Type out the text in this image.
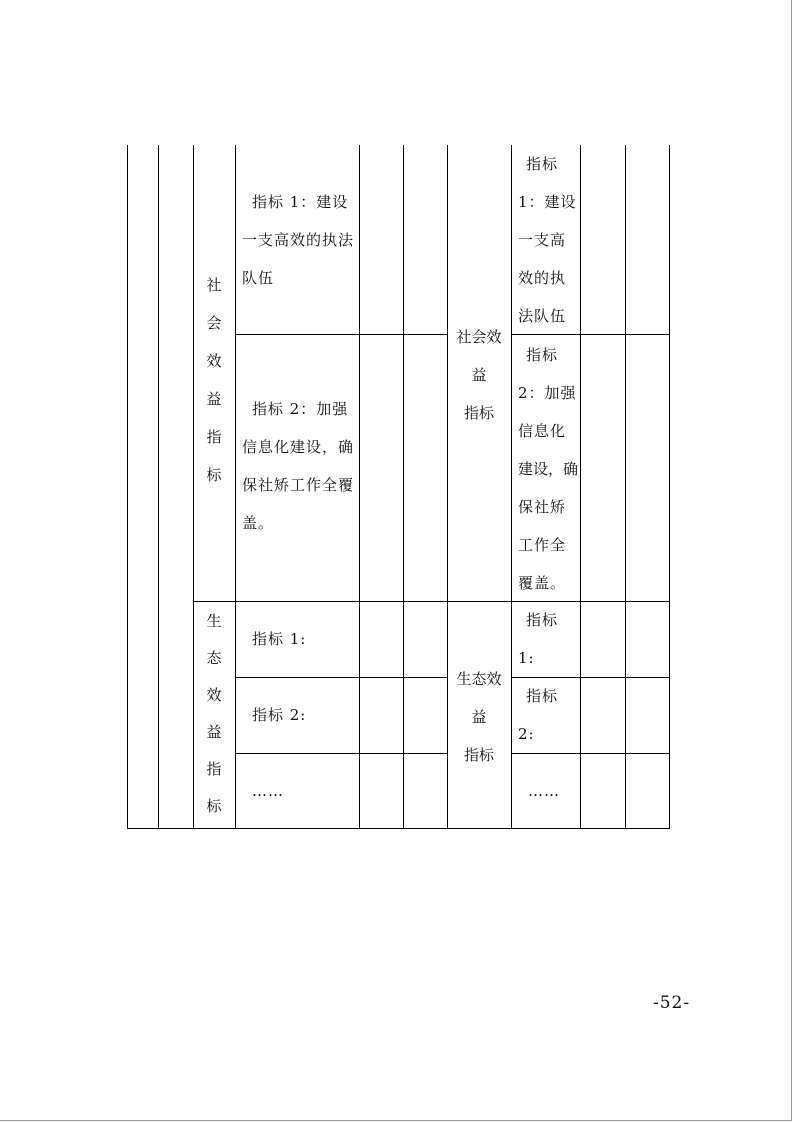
社
会
效
益
指
标
指标 1：建设一支高效的执法队伍
指标 2：加强信息化建设，确保社矫工作全覆盖。
社会效
益
指标
指标
1：建设
一支高
效的执
法队伍
指标
2：加强
信息化
建设，确
保社矫
工作全
覆盖。
生
态
效
益
指
标
指标 1:
指标 2:
……
生态效
益
指标
指标
1:
指标
2:
……
-52-
